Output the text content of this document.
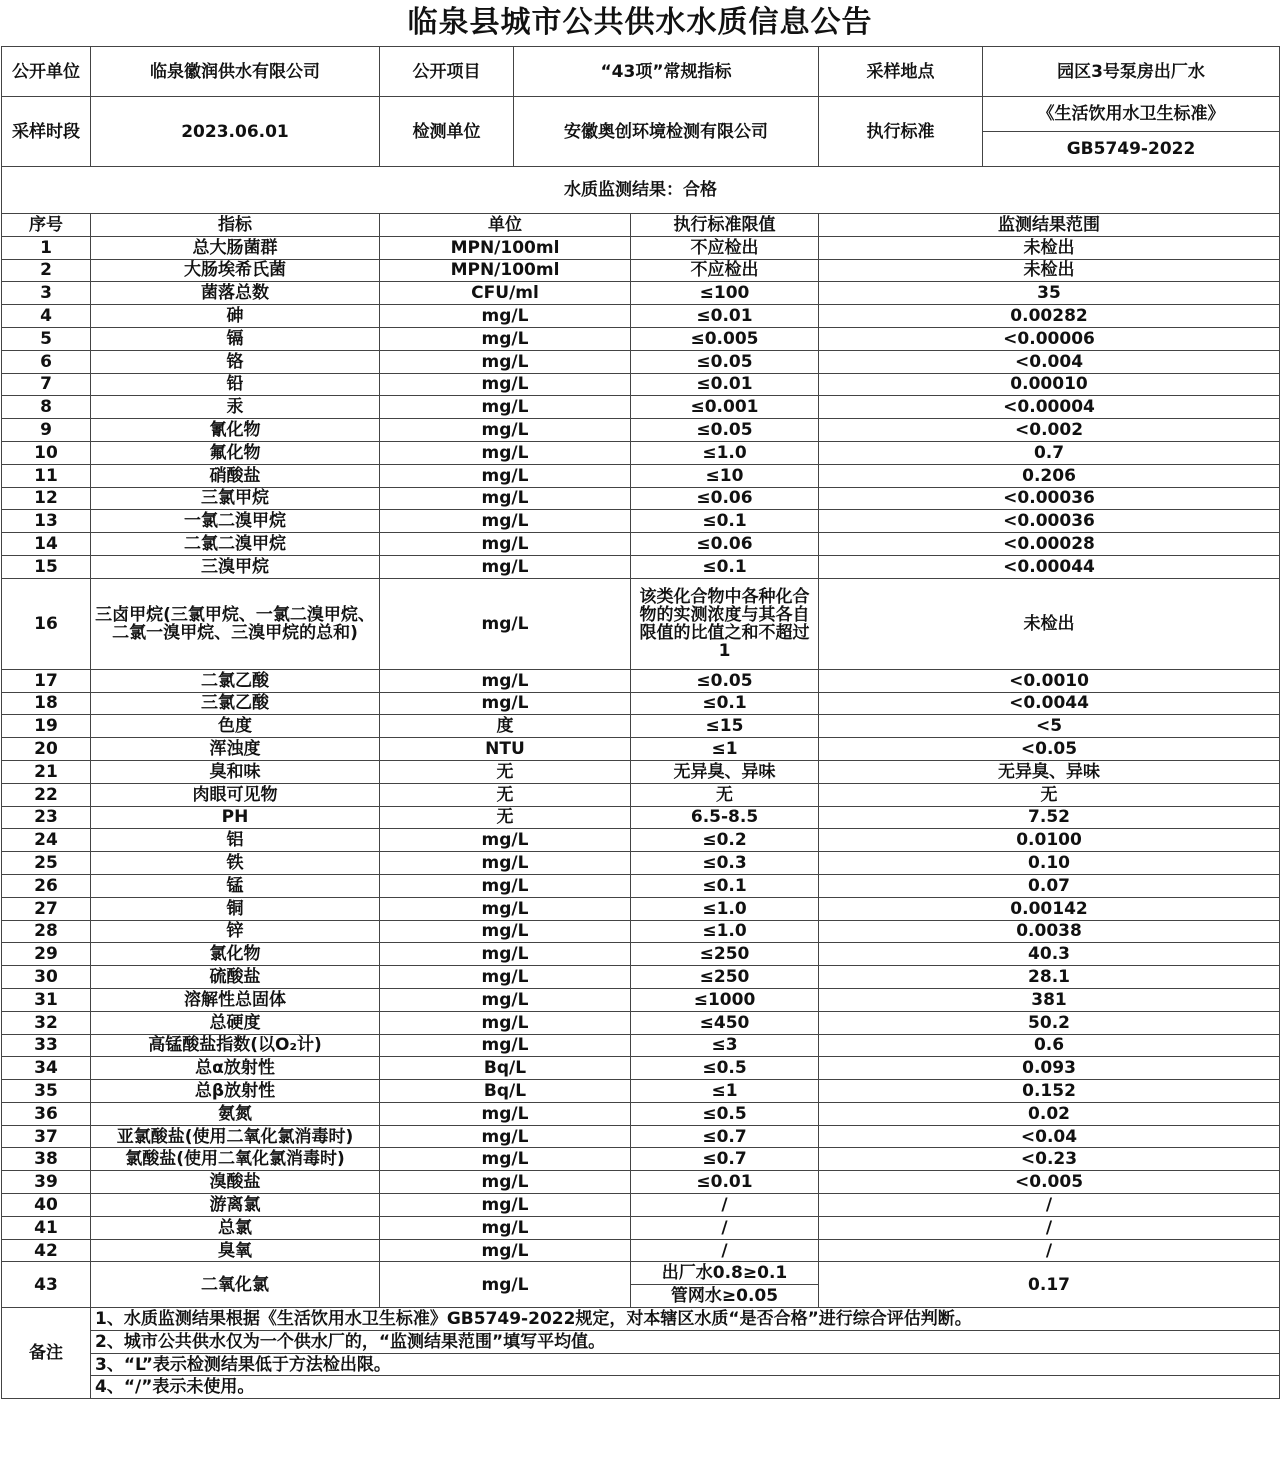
临泉县城市公共供水水质信息公告
公开单位	临泉徽润供水有限公司	公开项目	“43项”常规指标		采样地点	园区3号泵房出厂水
采样时段	2023.06.01	检测单位	安徽奥创环境检测有限公司		执行标准	《生活饮用水卫生标准》
						GB5749-2022
水质监测结果：合格						
序号	指标	单位		执行标准限值	监测结果范围	
1	总大肠菌群	MPN/100ml		不应检出	未检出	
2	大肠埃希氏菌	MPN/100ml		不应检出	未检出	
3	菌落总数	CFU/ml		≤100	35	
4	砷	mg/L		≤0.01	0.00282	
5	镉	mg/L		≤0.005	<0.00006	
6	铬	mg/L		≤0.05	<0.004	
7	铅	mg/L		≤0.01	0.00010	
8	汞	mg/L		≤0.001	<0.00004	
9	氰化物	mg/L		≤0.05	<0.002	
10	氟化物	mg/L		≤1.0	0.7	
11	硝酸盐	mg/L		≤10	0.206	
12	三氯甲烷	mg/L		≤0.06	<0.00036	
13	一氯二溴甲烷	mg/L		≤0.1	<0.00036	
14	二氯二溴甲烷	mg/L		≤0.06	<0.00028	
15	三溴甲烷	mg/L		≤0.1	<0.00044	
16	三卤甲烷(三氯甲烷、一氯二溴甲烷、二氯一溴甲烷、三溴甲烷的总和)	mg/L		该类化合物中各种化合物的实测浓度与其各自限值的比值之和不超过1	未检出	
17	二氯乙酸	mg/L		≤0.05	<0.0010	
18	三氯乙酸	mg/L		≤0.1	<0.0044	
19	色度	度		≤15	<5	
20	浑浊度	NTU		≤1	<0.05	
21	臭和味	无		无异臭、异味	无异臭、异味	
22	肉眼可见物	无		无	无	
23	PH	无		6.5-8.5	7.52	
24	铝	mg/L		≤0.2	0.0100	
25	铁	mg/L		≤0.3	0.10	
26	锰	mg/L		≤0.1	0.07	
27	铜	mg/L		≤1.0	0.00142	
28	锌	mg/L		≤1.0	0.0038	
29	氯化物	mg/L		≤250	40.3	
30	硫酸盐	mg/L		≤250	28.1	
31	溶解性总固体	mg/L		≤1000	381	
32	总硬度	mg/L		≤450	50.2	
33	高锰酸盐指数(以O₂计)	mg/L		≤3	0.6	
34	总α放射性	Bq/L		≤0.5	0.093	
35	总β放射性	Bq/L		≤1	0.152	
36	氨氮	mg/L		≤0.5	0.02	
37	亚氯酸盐(使用二氧化氯消毒时)	mg/L		≤0.7	<0.04	
38	氯酸盐(使用二氧化氯消毒时)	mg/L		≤0.7	<0.23	
39	溴酸盐	mg/L		≤0.01	<0.005	
40	游离氯	mg/L		/	/	
41	总氯	mg/L		/	/	
42	臭氧	mg/L		/	/	
43	二氧化氯	mg/L		出厂水0.8≥0.1	0.17	
				管网水≥0.05		
备注	1、水质监测结果根据《生活饮用水卫生标准》GB5749-2022规定，对本辖区水质“是否合格”进行综合评估判断。					
	2、城市公共供水仅为一个供水厂的，“监测结果范围”填写平均值。					
	3、“L”表示检测结果低于方法检出限。					
	4、“/”表示未使用。					
